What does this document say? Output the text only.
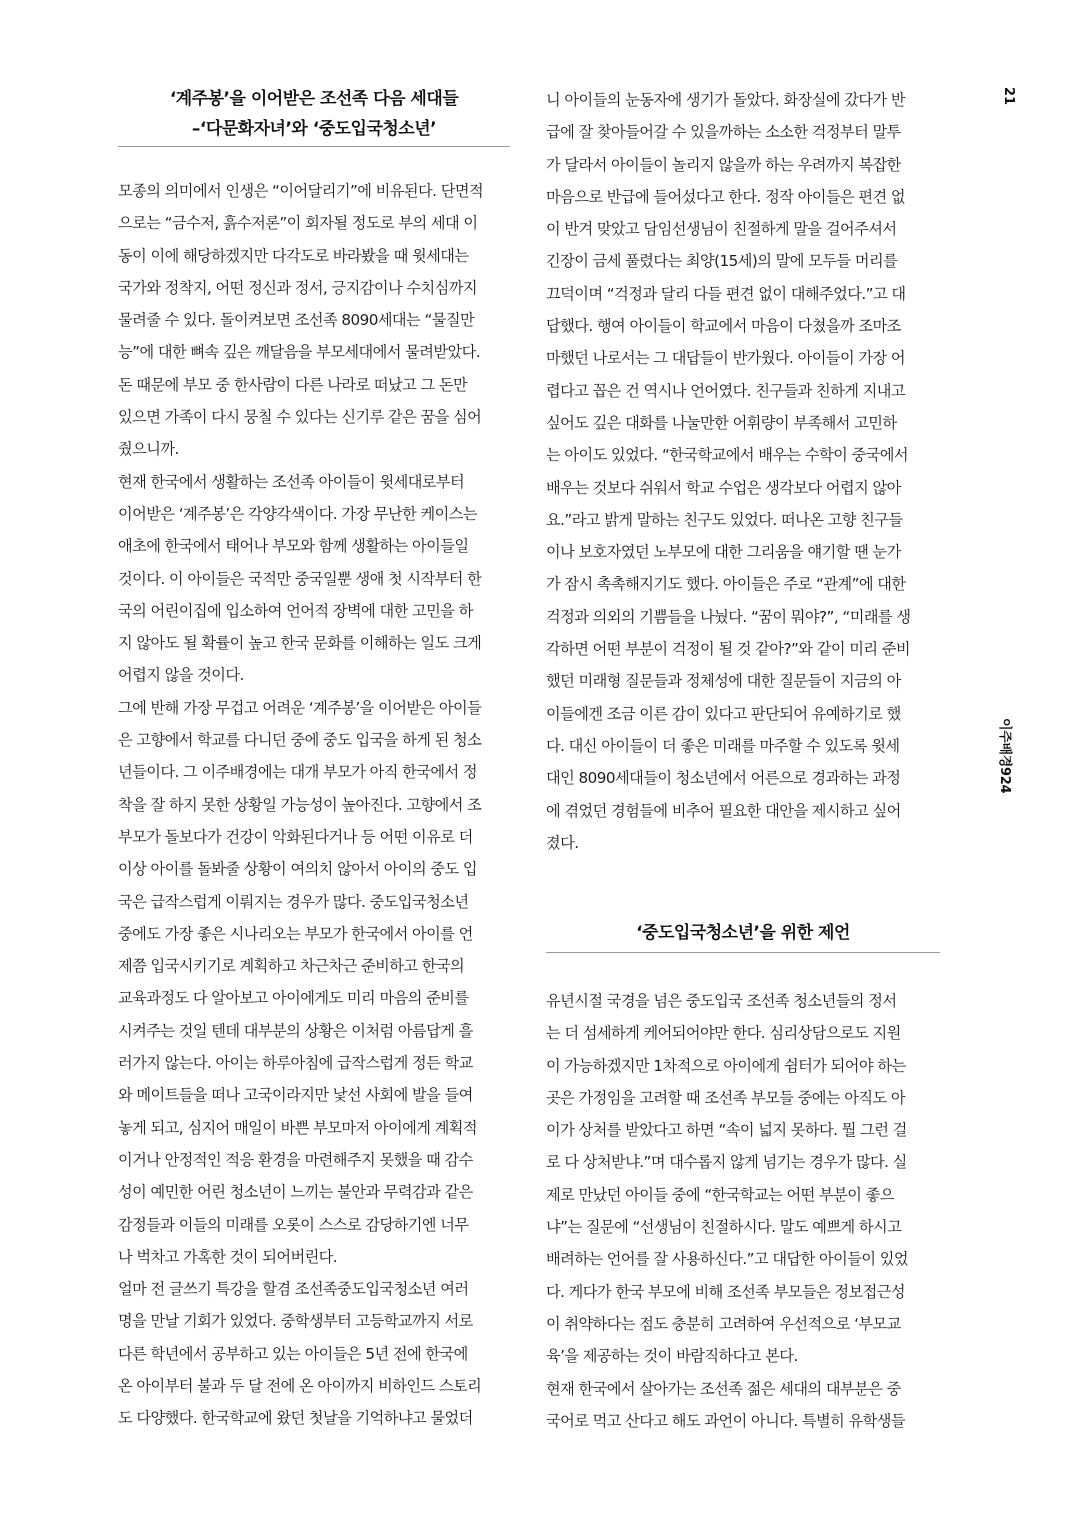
‘계주봉’을 이어받은 조선족 다음 세대들
–‘다문화자녀’와 ‘중도입국청소년’
모종의 의미에서 인생은 “이어달리기”에 비유된다. 단면적
으로는 “금수저, 흙수저론”이 회자될 정도로 부의 세대 이
동이 이에 해당하겠지만 다각도로 바라봤을 때 윗세대는
국가와 정착지, 어떤 정신과 정서, 긍지감이나 수치심까지
물려줄 수 있다. 돌이켜보면 조선족 8090세대는 “물질만
능”에 대한 뼈속 깊은 깨달음을 부모세대에서 물려받았다.
돈 때문에 부모 중 한사람이 다른 나라로 떠났고 그 돈만
있으면 가족이 다시 뭉칠 수 있다는 신기루 같은 꿈을 심어
줬으니까.
현재 한국에서 생활하는 조선족 아이들이 윗세대로부터
이어받은 ‘계주봉’은 각양각색이다. 가장 무난한 케이스는
애초에 한국에서 태어나 부모와 함께 생활하는 아이들일
것이다. 이 아이들은 국적만 중국일뿐 생애 첫 시작부터 한
국의 어린이집에 입소하여 언어적 장벽에 대한 고민을 하
지 않아도 될 확률이 높고 한국 문화를 이해하는 일도 크게
어렵지 않을 것이다.
그에 반해 가장 무겁고 어려운 ‘계주봉’을 이어받은 아이들
은 고향에서 학교를 다니던 중에 중도 입국을 하게 된 청소
년들이다. 그 이주배경에는 대개 부모가 아직 한국에서 정
착을 잘 하지 못한 상황일 가능성이 높아진다. 고향에서 조
부모가 돌보다가 건강이 악화된다거나 등 어떤 이유로 더
이상 아이를 돌봐줄 상황이 여의치 않아서 아이의 중도 입
국은 급작스럽게 이뤄지는 경우가 많다. 중도입국청소년
중에도 가장 좋은 시나리오는 부모가 한국에서 아이를 언
제쯤 입국시키기로 계획하고 차근차근 준비하고 한국의
교육과정도 다 알아보고 아이에게도 미리 마음의 준비를
시켜주는 것일 텐데 대부분의 상황은 이처럼 아름답게 흘
러가지 않는다. 아이는 하루아침에 급작스럽게 정든 학교
와 메이트들을 떠나 고국이라지만 낯선 사회에 발을 들여
놓게 되고, 심지어 매일이 바쁜 부모마저 아이에게 계획적
이거나 안정적인 적응 환경을 마련해주지 못했을 때 감수
성이 예민한 어린 청소년이 느끼는 불안과 무력감과 같은
감정들과 이들의 미래를 오롯이 스스로 감당하기엔 너무
나 벅차고 가혹한 것이 되어버린다.
얼마 전 글쓰기 특강을 할겸 조선족중도입국청소년 여러
명을 만날 기회가 있었다. 중학생부터 고등학교까지 서로
다른 학년에서 공부하고 있는 아이들은 5년 전에 한국에
온 아이부터 불과 두 달 전에 온 아이까지 비하인드 스토리
도 다양했다. 한국학교에 왔던 첫날을 기억하냐고 물었더
니 아이들의 눈동자에 생기가 돌았다. 화장실에 갔다가 반
급에 잘 찾아들어갈 수 있을까하는 소소한 걱정부터 말투
가 달라서 아이들이 놀리지 않을까 하는 우려까지 복잡한
마음으로 반급에 들어섰다고 한다. 정작 아이들은 편견 없
이 반겨 맞았고 담임선생님이 친절하게 말을 걸어주셔서
긴장이 금세 풀렸다는 최양(15세)의 말에 모두들 머리를
끄덕이며 “걱정과 달리 다들 편견 없이 대해주었다.”고 대
답했다. 행여 아이들이 학교에서 마음이 다쳤을까 조마조
마했던 나로서는 그 대답들이 반가웠다. 아이들이 가장 어
렵다고 꼽은 건 역시나 언어였다. 친구들과 친하게 지내고
싶어도 깊은 대화를 나눌만한 어휘량이 부족해서 고민하
는 아이도 있었다. “한국학교에서 배우는 수학이 중국에서
배우는 것보다 쉬워서 학교 수업은 생각보다 어렵지 않아
요.”라고 밝게 말하는 친구도 있었다. 떠나온 고향 친구들
이나 보호자였던 노부모에 대한 그리움을 얘기할 땐 눈가
가 잠시 촉촉해지기도 했다. 아이들은 주로 “관계”에 대한
걱정과 의외의 기쁨들을 나눴다. “꿈이 뭐야?”, “미래를 생
각하면 어떤 부분이 걱정이 될 것 같아?”와 같이 미리 준비
했던 미래형 질문들과 정체성에 대한 질문들이 지금의 아
이들에겐 조금 이른 감이 있다고 판단되어 유예하기로 했
다. 대신 아이들이 더 좋은 미래를 마주할 수 있도록 윗세
대인 8090세대들이 청소년에서 어른으로 경과하는 과정
에 겪었던 경험들에 비추어 필요한 대안을 제시하고 싶어
졌다.
‘중도입국청소년’을 위한 제언
유년시절 국경을 넘은 중도입국 조선족 청소년들의 정서
는 더 섬세하게 케어되어야만 한다. 심리상담으로도 지원
이 가능하겠지만 1차적으로 아이에게 쉼터가 되어야 하는
곳은 가정임을 고려할 때 조선족 부모들 중에는 아직도 아
이가 상처를 받았다고 하면 “속이 넓지 못하다. 뭘 그런 걸
로 다 상처받냐.”며 대수롭지 않게 넘기는 경우가 많다. 실
제로 만났던 아이들 중에 “한국학교는 어떤 부분이 좋으
냐”는 질문에 “선생님이 친절하시다. 말도 예쁘게 하시고
배려하는 언어를 잘 사용하신다.”고 대답한 아이들이 있었
다. 게다가 한국 부모에 비해 조선족 부모들은 정보접근성
이 취약하다는 점도 충분히 고려하여 우선적으로 ‘부모교
육’을 제공하는 것이 바람직하다고 본다.
현재 한국에서 살아가는 조선족 젊은 세대의 대부분은 중
국어로 먹고 산다고 해도 과언이 아니다. 특별히 유학생들
21
이주배경924
